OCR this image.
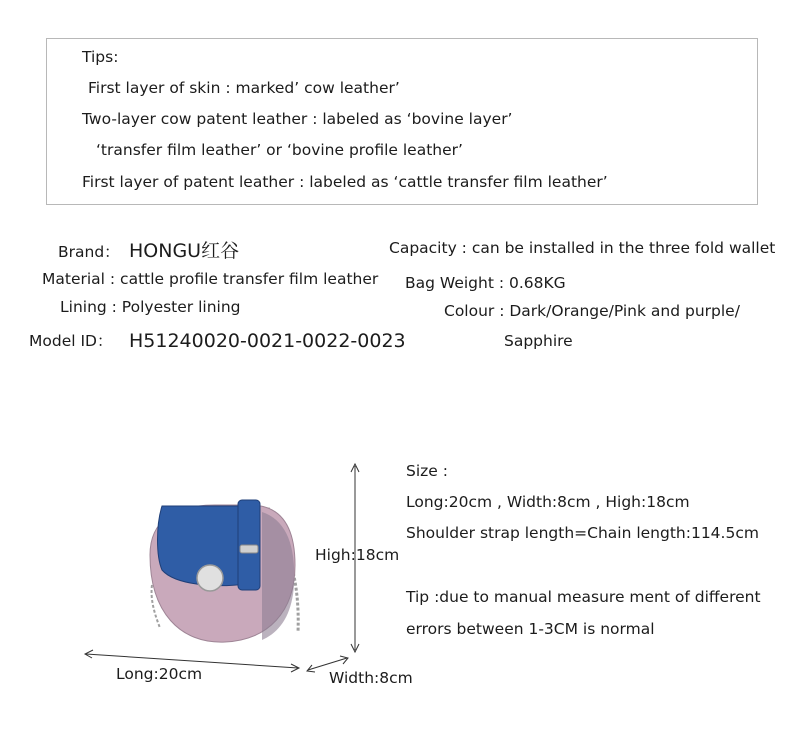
Tips:
First layer of skin : marked’ cow leather’
Two-layer cow patent leather : labeled as ‘bovine layer’
‘transfer film leather’ or ‘bovine profile leather’
First layer of patent leather : labeled as ‘cattle transfer film leather’
Brand： HONGU红谷
Material : cattle profile transfer film leather
Lining : Polyester lining
Model ID： H51240020-0021-0022-0023
Capacity : can be installed in the three fold wallet
Bag Weight : 0.68KG
Colour : Dark/Orange/Pink and purple/
Sapphire
High:18cm
Long:20cm	Width:8cm
Size :
Long:20cm , Width:8cm , High:18cm
Shoulder strap length=Chain length:114.5cm
Tip :due to manual measure ment of different
errors between 1-3CM is normal
